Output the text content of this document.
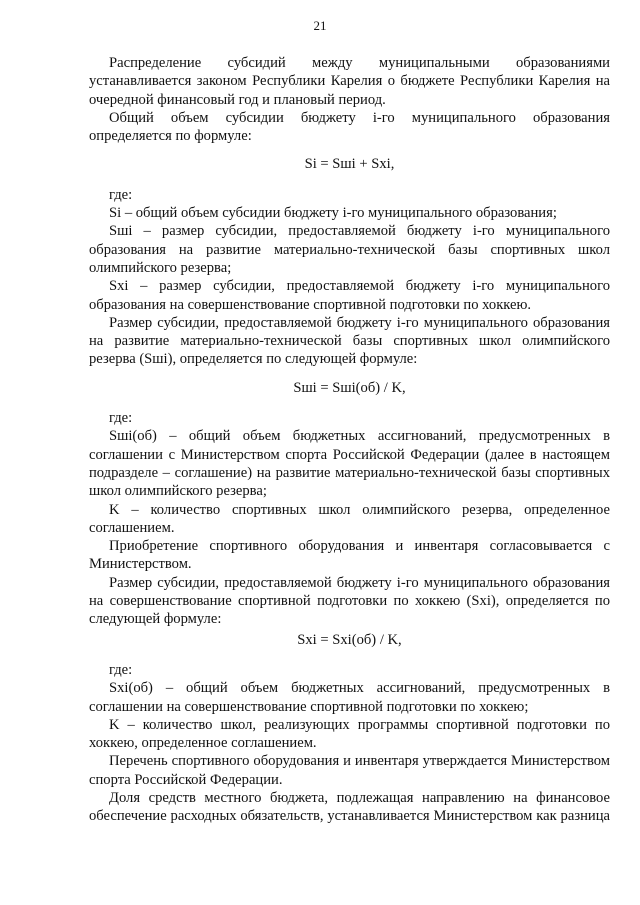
21

Распределение субсидий между муниципальными образованиями устанавливается законом Республики Карелия о бюджете Республики Карелия на очередной финансовый год и плановый период.

Общий объем субсидии бюджету i-го муниципального образования определяется по формуле:

Si = Sшi + Sxi,

где:

Si – общий объем субсидии бюджету i-го муниципального образования;

Sшi – размер субсидии, предоставляемой бюджету i-го муниципального образования на развитие материально-технической базы спортивных школ олимпийского резерва;

Sxi – размер субсидии, предоставляемой бюджету i-го муниципального образования на совершенствование спортивной подготовки по хоккею.

Размер субсидии, предоставляемой бюджету i-го муниципального образования на развитие материально-технической базы спортивных школ олимпийского резерва (Sшi), определяется по следующей формуле:

Sшi = Sшi(об) / K,

где:

Sшi(об) – общий объем бюджетных ассигнований, предусмотренных в соглашении с Министерством спорта Российской Федерации (далее в настоящем подразделе – соглашение) на развитие материально-технической базы спортивных школ олимпийского резерва;

K – количество спортивных школ олимпийского резерва, определенное соглашением.

Приобретение спортивного оборудования и инвентаря согласовывается с Министерством.

Размер субсидии, предоставляемой бюджету i-го муниципального образования на совершенствование спортивной подготовки по хоккею (Sxi), определяется по следующей формуле:

Sxi = Sxi(об) / K,

где:

Sxi(об) – общий объем бюджетных ассигнований, предусмотренных в соглашении на совершенствование спортивной подготовки по хоккею;

K – количество школ, реализующих программы спортивной подготовки по хоккею, определенное соглашением.

Перечень спортивного оборудования и инвентаря утверждается Министерством спорта Российской Федерации.

Доля средств местного бюджета, подлежащая направлению на финансовое обеспечение расходных обязательств, устанавливается Министерством как разница
